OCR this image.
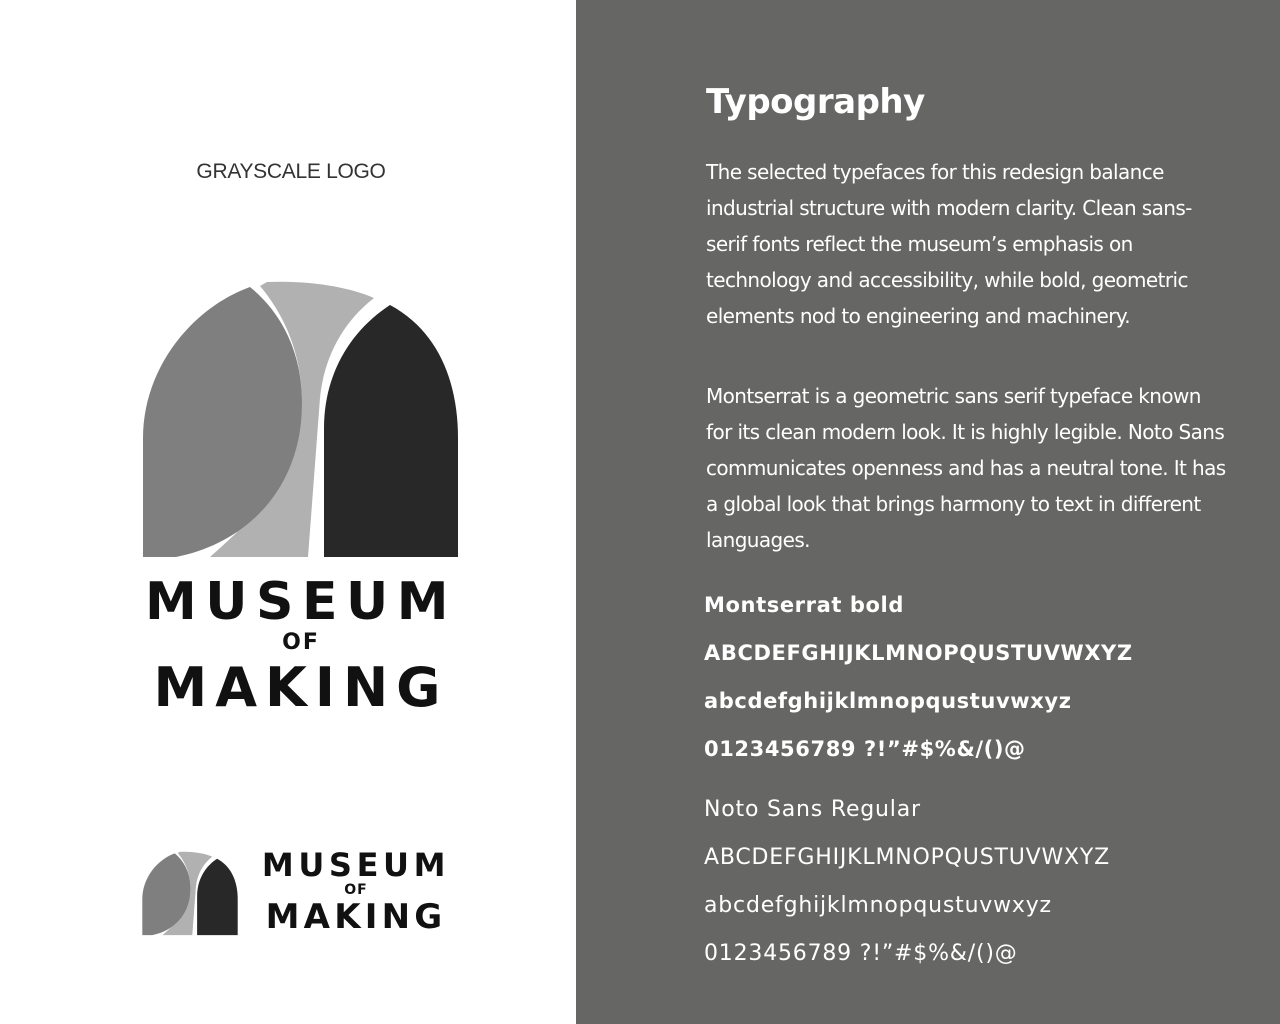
GRAYSCALE LOGO
MUSEUM
OF
MAKING
MUSEUM
OF
MAKING
Typography

The selected typefaces for this redesign balance industrial structure with modern clarity. Clean sans-serif fonts reflect the museum’s emphasis on technology and accessibility, while bold, geometric elements nod to engineering and machinery.

Montserrat is a geometric sans serif typeface known for its clean modern look. It is highly legible. Noto Sans communicates openness and has a neutral tone. It has a global look that brings harmony to text in different languages.

Montserrat bold
ABCDEFGHIJKLMNOPQUSTUVWXYZ
abcdefghijklmnopqustuvwxyz
0123456789 ?!”#$%&/()@
Noto Sans Regular
ABCDEFGHIJKLMNOPQUSTUVWXYZ
abcdefghijklmnopqustuvwxyz
0123456789 ?!”#$%&/()@
